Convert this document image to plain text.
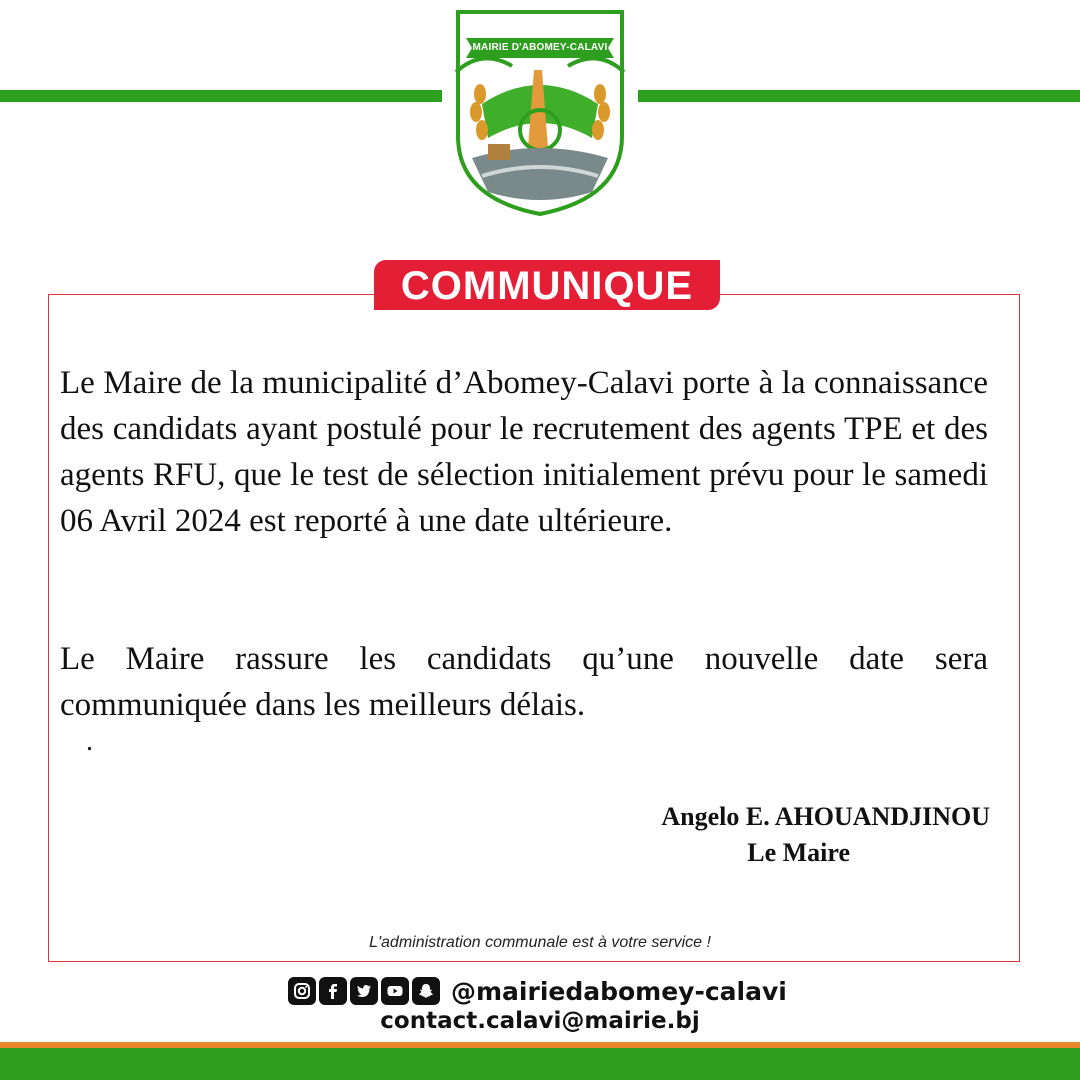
MAIRIE D'ABOMEY-CALAVI
COMMUNIQUE

Le Maire de la municipalité d’Abomey-Calavi porte à la connaissance des candidats ayant postulé pour le recrutement des agents TPE et des agents RFU, que le test de sélection initialement prévu pour le samedi 06 Avril 2024 est reporté à une date ultérieure.

Le Maire rassure les candidats qu’une nouvelle date sera communiquée dans les meilleurs délais.

.
Angelo E. AHOUANDJINOU
Le Maire
L'administration communale est à votre service !
@mairiedabomey-calavi
contact.calavi@mairie.bj
